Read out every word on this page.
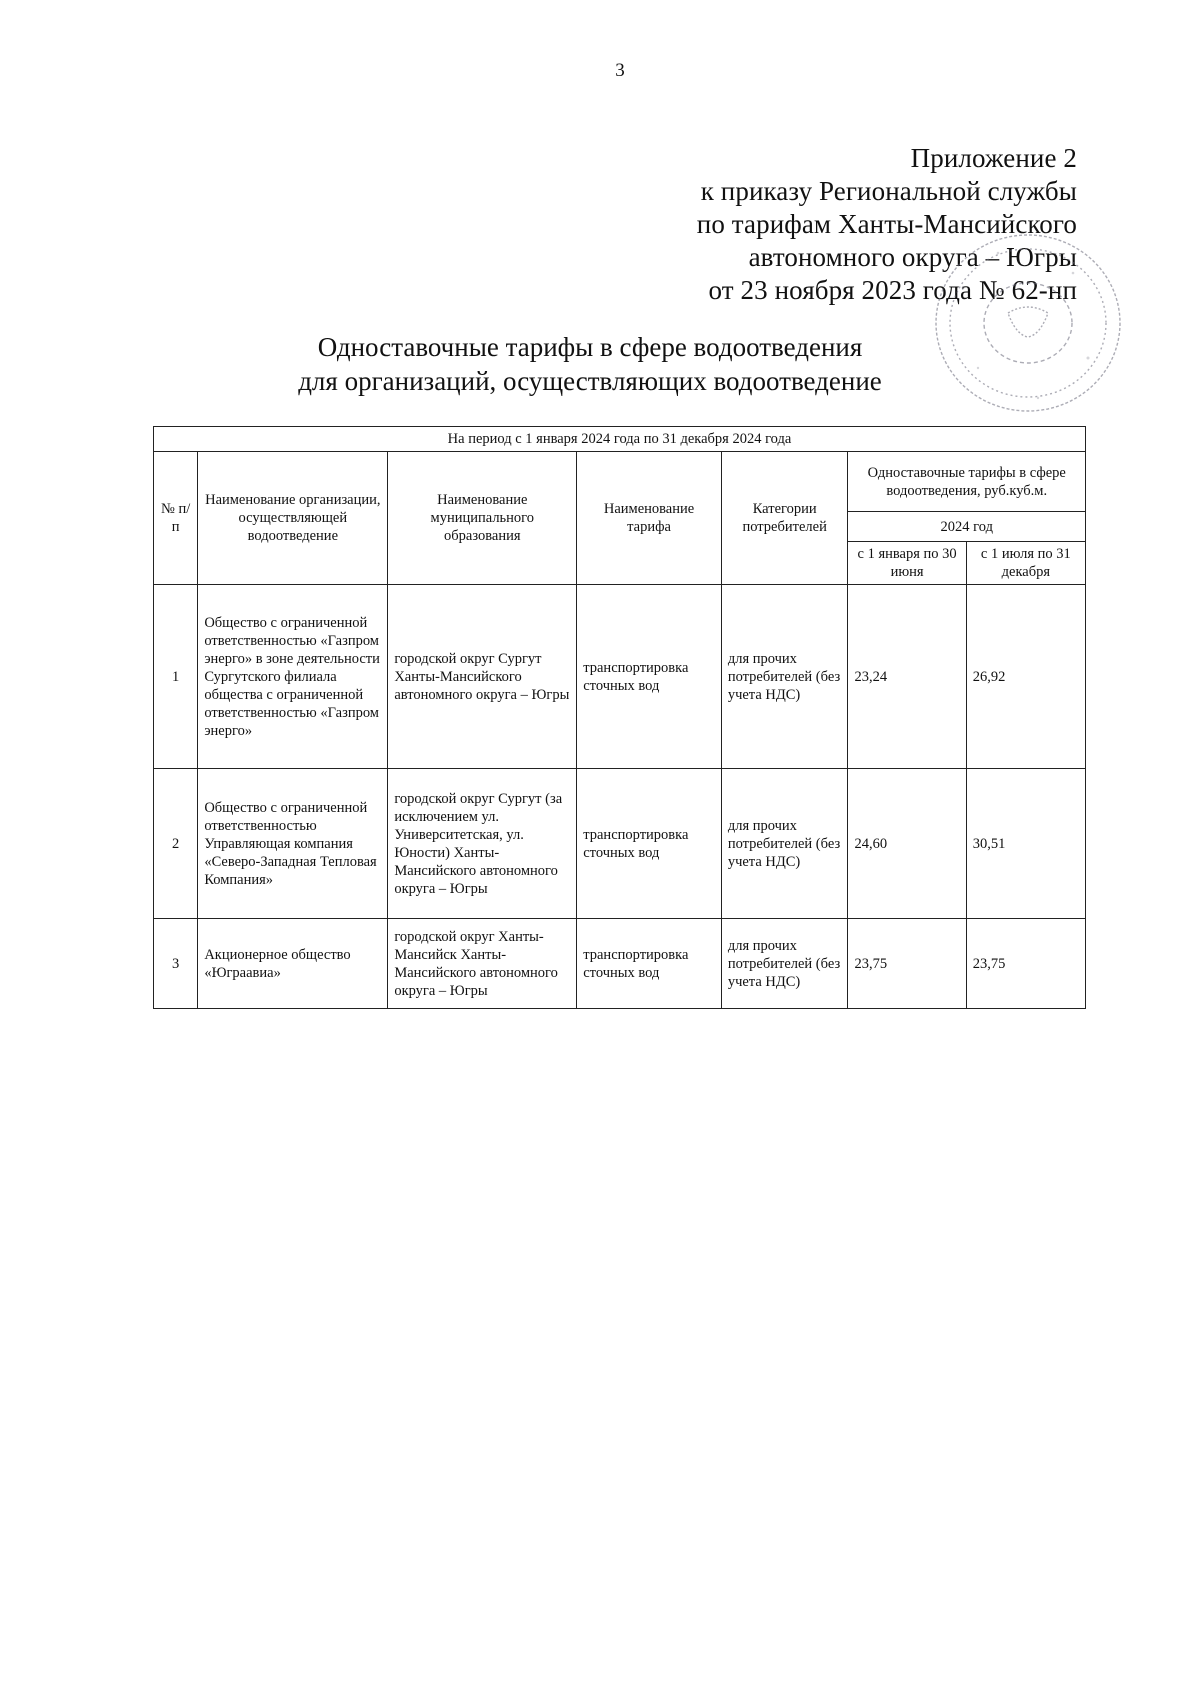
3
Приложение 2
к приказу Региональной службы
по тарифам Ханты-Мансийского
автономного округа – Югры
от 23 ноября 2023 года № 62-нп
Одноставочные тарифы в сфере водоотведения
для организаций, осуществляющих водоотведение
На период с 1 января 2024 года по 31 декабря 2024 года						
№ п/п	Наименование организации, осуществляющей водоотведение	Наименование муниципального образования	Наименование тарифа	Категории потребителей	Одноставочные тарифы в сфере водоотведения, руб.куб.м.	
					2024 год	
					с 1 января по 30 июня	с 1 июля по 31 декабря
1	Общество с ограниченной ответственностью «Газпром энерго» в зоне деятельности Сургутского филиала общества с ограниченной ответственностью «Газпром энерго»	городской округ Сургут Ханты-Мансийского автономного округа – Югры	транспортировка сточных вод	для прочих потребителей (без учета НДС)	23,24	26,92
2	Общество с ограниченной ответственностью Управляющая компания «Северо-Западная Тепловая Компания»	городской округ Сургут (за исключением ул. Университетская, ул. Юности) Ханты-Мансийского автономного округа – Югры	транспортировка сточных вод	для прочих потребителей (без учета НДС)	24,60	30,51
3	Акционерное общество «Юграавиа»	городской округ Ханты-Мансийск Ханты-Мансийского автономного округа – Югры	транспортировка сточных вод	для прочих потребителей (без учета НДС)	23,75	23,75
